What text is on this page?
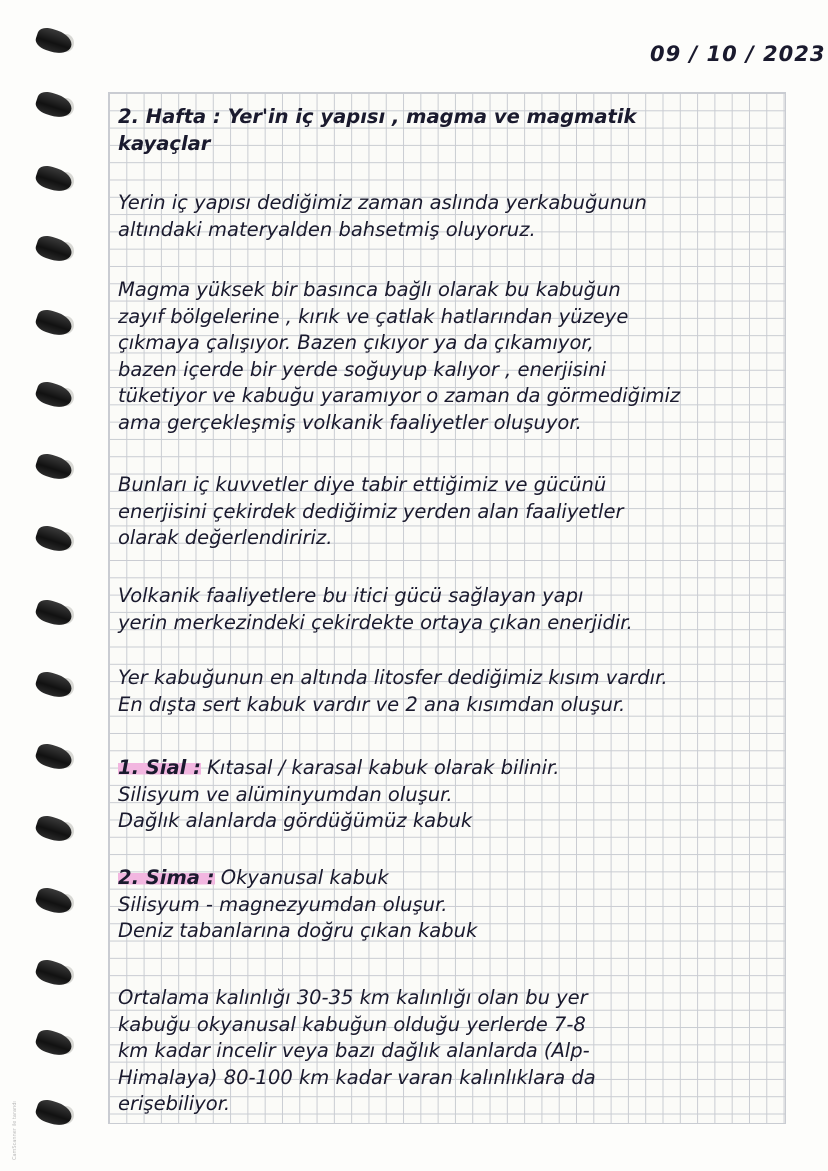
CamScanner ile tarandı
09 / 10 / 2023
2. Hafta : Yer'in iç yapısı , magma ve magmatik
kayaçlar
Yerin iç yapısı dediğimiz zaman aslında yerkabuğunun
altındaki materyalden bahsetmiş oluyoruz.
Magma yüksek bir basınca bağlı olarak bu kabuğun
zayıf bölgelerine , kırık ve çatlak hatlarından yüzeye
çıkmaya çalışıyor. Bazen çıkıyor ya da çıkamıyor,
bazen içerde bir yerde soğuyup kalıyor , enerjisini
tüketiyor ve kabuğu yaramıyor o zaman da görmediğimiz
ama gerçekleşmiş volkanik faaliyetler oluşuyor.
Bunları iç kuvvetler diye tabir ettiğimiz ve gücünü
enerjisini çekirdek dediğimiz yerden alan faaliyetler
olarak değerlendiririz.
Volkanik faaliyetlere bu itici gücü sağlayan yapı
yerin merkezindeki çekirdekte ortaya çıkan enerjidir.
Yer kabuğunun en altında litosfer dediğimiz kısım vardır.
En dışta sert kabuk vardır ve 2 ana kısımdan oluşur.
1. Sial : Kıtasal / karasal kabuk olarak bilinir.
Silisyum ve alüminyumdan oluşur.
Dağlık alanlarda gördüğümüz kabuk
2. Sima : Okyanusal kabuk
Silisyum - magnezyumdan oluşur.
Deniz tabanlarına doğru çıkan kabuk
Ortalama kalınlığı 30-35 km kalınlığı olan bu yer
kabuğu okyanusal kabuğun olduğu yerlerde 7-8
km kadar incelir veya bazı dağlık alanlarda (Alp-
Himalaya) 80-100 km kadar varan kalınlıklara da
erişebiliyor.
